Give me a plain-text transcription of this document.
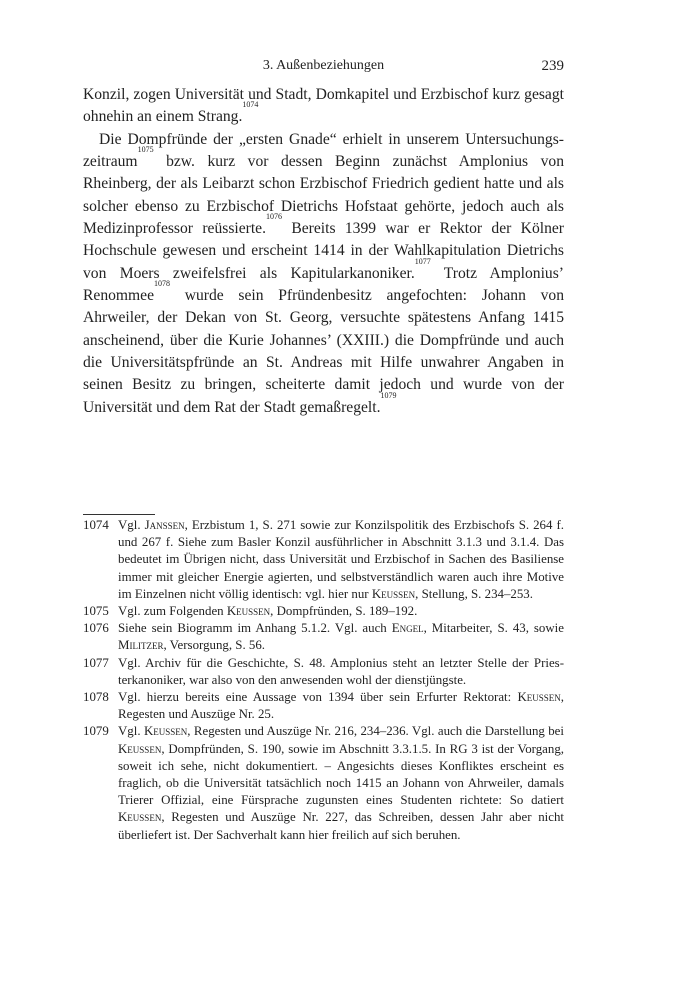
3. Außenbeziehungen	239

Konzil, zogen Universität und Stadt, Domkapitel und Erzbischof kurz gesagt ohnehin an einem Strang.$^{1074}$

Die Dompfründe der „ersten Gnade“ erhielt in unserem Untersuchungszeitraum$^{1075}$ bzw. kurz vor dessen Beginn zunächst Amplonius von Rheinberg, der als Leibarzt schon Erzbischof Friedrich gedient hatte und als solcher ebenso zu Erzbischof Dietrichs Hofstaat gehörte, jedoch auch als Medizinprofessor reüssierte.$^{1076}$ Bereits 1399 war er Rektor der Kölner Hochschule gewesen und erscheint 1414 in der Wahlkapitulation Dietrichs von Moers zweifelsfrei als Kapitularkanoniker.$^{1077}$ Trotz Amplonius’ Renommee$^{1078}$ wurde sein Pfründenbesitz angefochten: Johann von Ahrweiler, der Dekan von St. Georg, versuchte spätestens Anfang 1415 anscheinend, über die Kurie Johannes’ (XXIII.) die Dompfründe und auch die Universitätspfründe an St. Andreas mit Hilfe unwahrer Angaben in seinen Besitz zu bringen, scheiterte damit jedoch und wurde von der Universität und dem Rat der Stadt gemaßregelt.$^{1079}$

1074 Vgl. Janssen, Erzbistum 1, S. 271 sowie zur Konzilspolitik des Erzbischofs S. 264 f. und 267 f. Siehe zum Basler Konzil ausführlicher in Abschnitt 3.1.3 und 3.1.4. Das bedeutet im Übrigen nicht, dass Universität und Erzbischof in Sachen des Basiliense immer mit gleicher Energie agierten, und selbstverständlich waren auch ihre Motive im Einzelnen nicht völlig identisch: vgl. hier nur Keussen, Stellung, S. 234–253.
1075 Vgl. zum Folgenden Keussen, Dompfründen, S. 189–192.
1076 Siehe sein Biogramm im Anhang 5.1.2. Vgl. auch Engel, Mitarbeiter, S. 43, sowie Militzer, Versorgung, S. 56.
1077 Vgl. Archiv für die Geschichte, S. 48. Amplonius steht an letzter Stelle der Priesterkanoniker, war also von den anwesenden wohl der dienstjüngste.
1078 Vgl. hierzu bereits eine Aussage von 1394 über sein Erfurter Rektorat: Keussen, Regesten und Auszüge Nr. 25.
1079 Vgl. Keussen, Regesten und Auszüge Nr. 216, 234–236. Vgl. auch die Darstellung bei Keussen, Dompfründen, S. 190, sowie im Abschnitt 3.3.1.5. In RG 3 ist der Vorgang, soweit ich sehe, nicht dokumentiert. – Angesichts dieses Konfliktes erscheint es fraglich, ob die Universität tatsächlich noch 1415 an Johann von Ahrweiler, damals Trierer Offizial, eine Fürsprache zugunsten eines Studenten richtete: So datiert Keussen, Regesten und Auszüge Nr. 227, das Schreiben, dessen Jahr aber nicht überliefert ist. Der Sachverhalt kann hier freilich auf sich beruhen.
